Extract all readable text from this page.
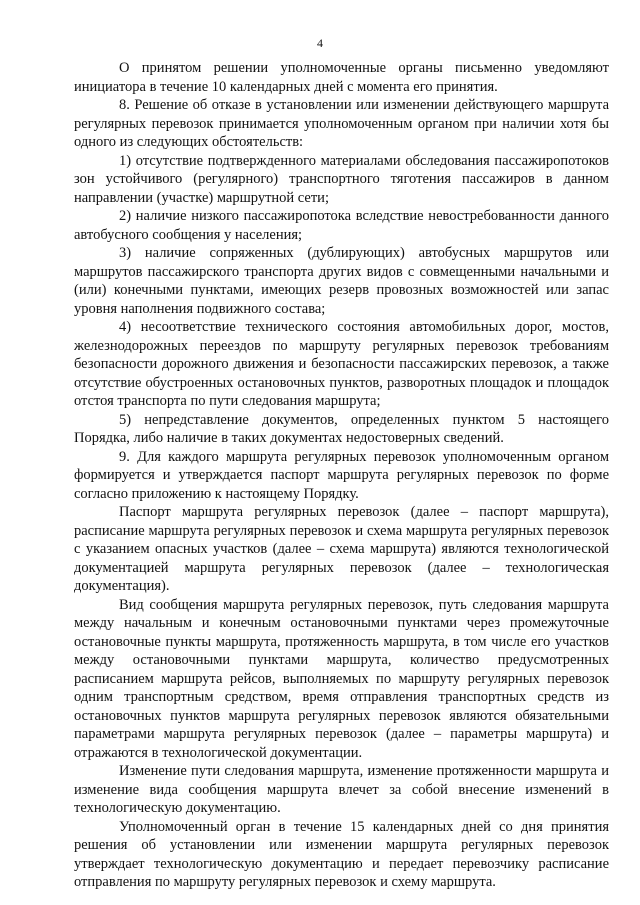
4

О принятом решении уполномоченные органы письменно уведомляют инициатора в течение 10 календарных дней с момента его принятия.

8. Решение об отказе в установлении или изменении действующего маршрута регулярных перевозок принимается уполномоченным органом при наличии хотя бы одного из следующих обстоятельств:

1) отсутствие подтвержденного материалами обследования пассажиропотоков зон устойчивого (регулярного) транспортного тяготения пассажиров в данном направлении (участке) маршрутной сети;

2) наличие низкого пассажиропотока вследствие невостребованности данного автобусного сообщения у населения;

3) наличие сопряженных (дублирующих) автобусных маршрутов или маршрутов пассажирского транспорта других видов с совмещенными начальными и (или) конечными пунктами, имеющих резерв провозных возможностей или запас уровня наполнения подвижного состава;

4) несоответствие технического состояния автомобильных дорог, мостов, железнодорожных переездов по маршруту регулярных перевозок требованиям безопасности дорожного движения и безопасности пассажирских перевозок, а также отсутствие обустроенных остановочных пунктов, разворотных площадок и площадок отстоя транспорта по пути следования маршрута;

5) непредставление документов, определенных пунктом 5 настоящего Порядка, либо наличие в таких документах недостоверных сведений.

9. Для каждого маршрута регулярных перевозок уполномоченным органом формируется и утверждается паспорт маршрута регулярных перевозок по форме согласно приложению к настоящему Порядку.

Паспорт маршрута регулярных перевозок (далее – паспорт маршрута), расписание маршрута регулярных перевозок и схема маршрута регулярных перевозок с указанием опасных участков (далее – схема маршрута) являются технологической документацией маршрута регулярных перевозок (далее – технологическая документация).

Вид сообщения маршрута регулярных перевозок, путь следования маршрута между начальным и конечным остановочными пунктами через промежуточные остановочные пункты маршрута, протяженность маршрута, в том числе его участков между остановочными пунктами маршрута, количество предусмотренных расписанием маршрута рейсов, выполняемых по маршруту регулярных перевозок одним транспортным средством, время отправления транспортных средств из остановочных пунктов маршрута регулярных перевозок являются обязательными параметрами маршрута регулярных перевозок (далее – параметры маршрута) и отражаются в технологической документации.

Изменение пути следования маршрута, изменение протяженности маршрута и изменение вида сообщения маршрута влечет за собой внесение изменений в технологическую документацию.

Уполномоченный орган в течение 15 календарных дней со дня принятия решения об установлении или изменении маршрута регулярных перевозок утверждает технологическую документацию и передает перевозчику расписание отправления по маршруту регулярных перевозок и схему маршрута.
